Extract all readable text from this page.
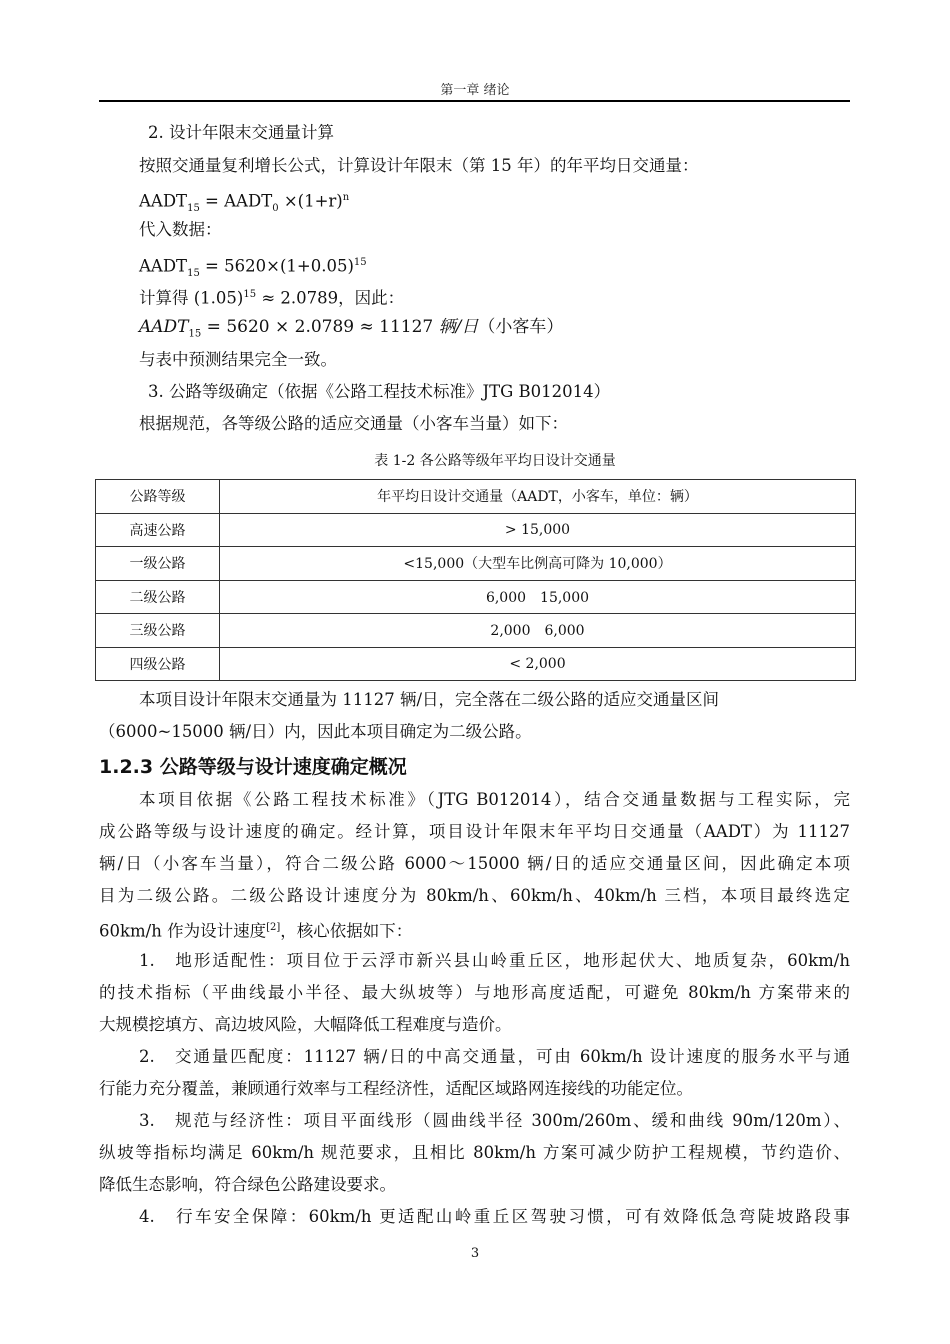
第一章 绪论
2. 设计年限末交通量计算
按照交通量复利增长公式，计算设计年限末（第 15 年）的年平均日交通量：
$AADT_{15}$ = $AADT_0 \times(1+r)^n$
代入数据：
$AADT_{15} = 5620\times(1+0.05)^{15}$
计算得 $(1.05)^{15} \approx 2.0789$，因此：
$AADT_{15} = 5620 \times 2.0789 \approx 11127$ 辆/日（小客车）
与表中预测结果完全一致。
3. 公路等级确定（依据《公路工程技术标准》JTG B012014）
根据规范，各等级公路的适应交通量（小客车当量）如下：
表 1-2 各公路等级年平均日设计交通量
公路等级	年平均日设计交通量（AADT，小客车，单位：辆）
高速公路	> 15,000
一级公路	<15,000（大型车比例高可降为 10,000）
二级公路	6,000　15,000
三级公路	2,000　6,000
四级公路	< 2,000
本项目设计年限末交通量为 11127 辆/日，完全落在二级公路的适应交通量区间
（6000~15000 辆/日）内，因此本项目确定为二级公路。
1.2.3 公路等级与设计速度确定概况
本项目依据《公路工程技术标准》（JTG B012014），结合交通量数据与工程实际，完
成公路等级与设计速度的确定。经计算，项目设计年限末年平均日交通量（AADT）为 11127
辆/日（小客车当量），符合二级公路 6000～15000 辆/日的适应交通量区间，因此确定本项
目为二级公路。二级公路设计速度分为 80km/h、60km/h、40km/h 三档，本项目最终选定
60km/h 作为设计速度[2]，核心依据如下：
1.　地形适配性：项目位于云浮市新兴县山岭重丘区，地形起伏大、地质复杂，60km/h
的技术指标（平曲线最小半径、最大纵坡等）与地形高度适配，可避免 80km/h 方案带来的
大规模挖填方、高边坡风险，大幅降低工程难度与造价。
2.　交通量匹配度：11127 辆/日的中高交通量，可由 60km/h 设计速度的服务水平与通
行能力充分覆盖，兼顾通行效率与工程经济性，适配区域路网连接线的功能定位。
3.　规范与经济性：项目平面线形（圆曲线半径 300m/260m、缓和曲线 90m/120m）、
纵坡等指标均满足 60km/h 规范要求，且相比 80km/h 方案可减少防护工程规模，节约造价、
降低生态影响，符合绿色公路建设要求。
4.　行车安全保障：60km/h 更适配山岭重丘区驾驶习惯，可有效降低急弯陡坡路段事
3
